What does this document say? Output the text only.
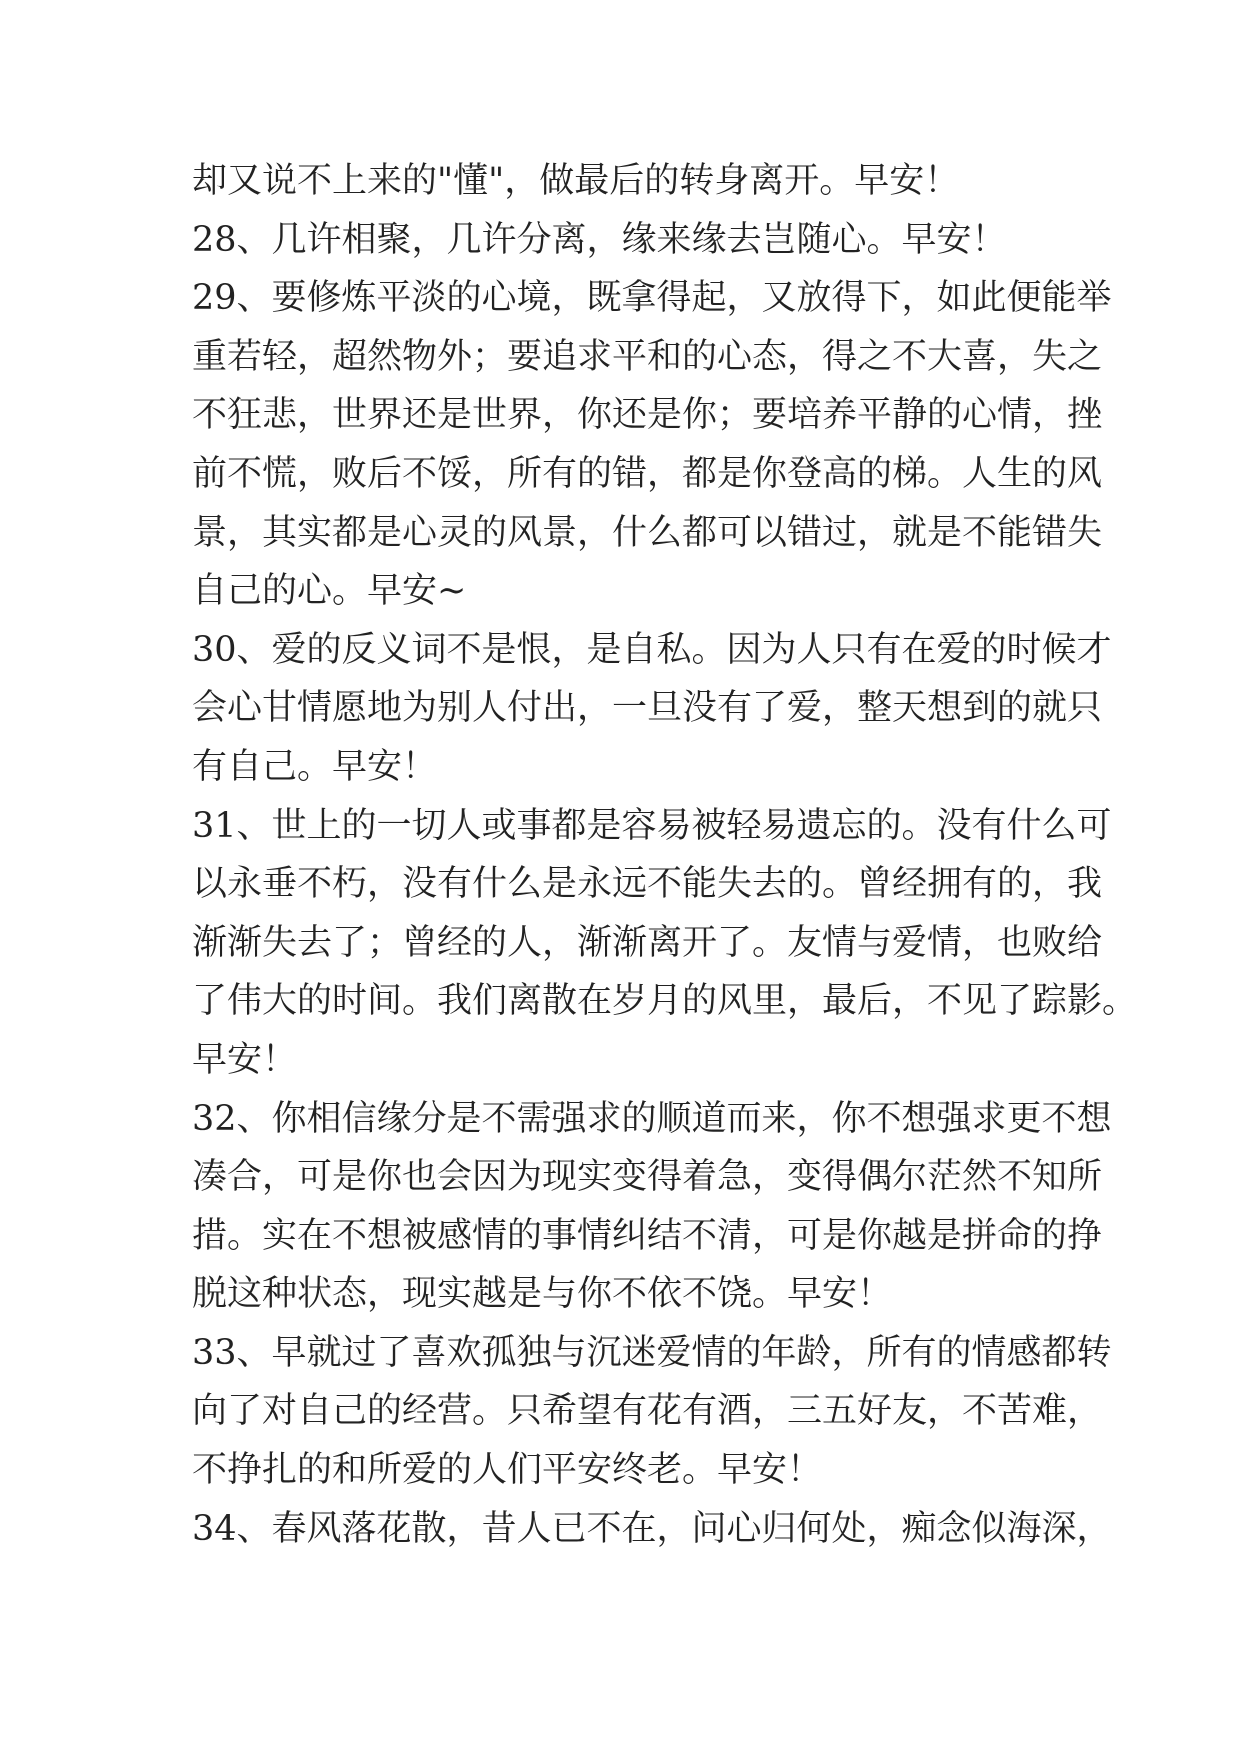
却又说不上来的"懂"，做最后的转身离开。早安！
28、几许相聚，几许分离，缘来缘去岂随心。早安！
29、要修炼平淡的心境，既拿得起，又放得下，如此便能举
重若轻，超然物外；要追求平和的心态，得之不大喜，失之
不狂悲，世界还是世界，你还是你；要培养平静的心情，挫
前不慌，败后不馁，所有的错，都是你登高的梯。人生的风
景，其实都是心灵的风景，什么都可以错过，就是不能错失
自己的心。早安~
30、爱的反义词不是恨，是自私。因为人只有在爱的时候才
会心甘情愿地为别人付出，一旦没有了爱，整天想到的就只
有自己。早安！
31、世上的一切人或事都是容易被轻易遗忘的。没有什么可
以永垂不朽，没有什么是永远不能失去的。曾经拥有的，我
渐渐失去了；曾经的人，渐渐离开了。友情与爱情，也败给
了伟大的时间。我们离散在岁月的风里，最后，不见了踪影。
早安！
32、你相信缘分是不需强求的顺道而来，你不想强求更不想
凑合，可是你也会因为现实变得着急，变得偶尔茫然不知所
措。实在不想被感情的事情纠结不清，可是你越是拼命的挣
脱这种状态，现实越是与你不依不饶。早安！
33、早就过了喜欢孤独与沉迷爱情的年龄，所有的情感都转
向了对自己的经营。只希望有花有酒，三五好友，不苦难，
不挣扎的和所爱的人们平安终老。早安！
34、春风落花散，昔人已不在，问心归何处，痴念似海深，
